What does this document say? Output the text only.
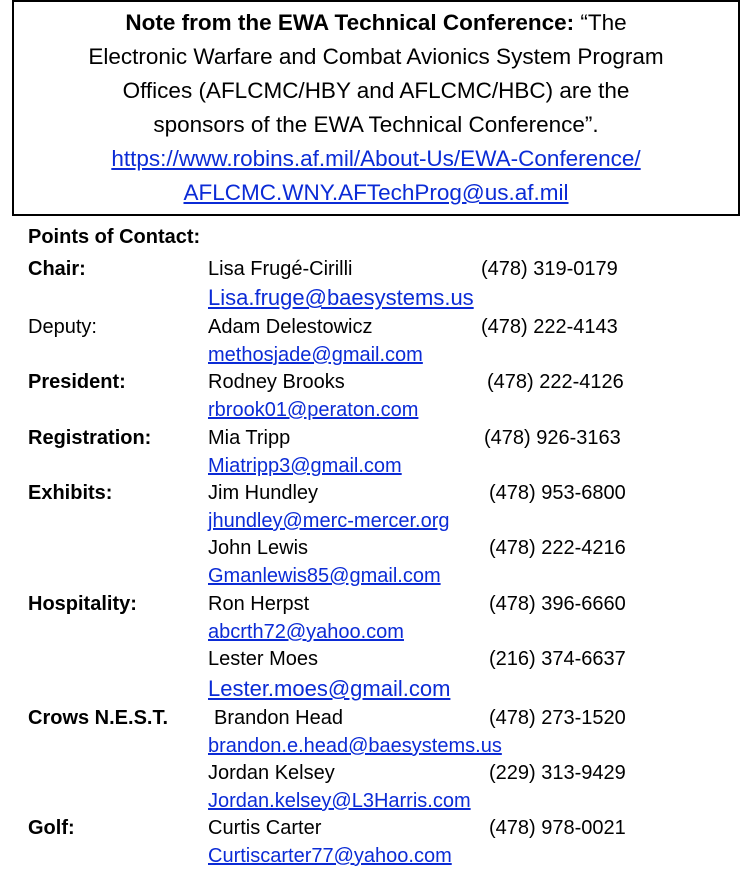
Note from the EWA Technical Conference: “The
Electronic Warfare and Combat Avionics System Program
Offices (AFLCMC/HBY and AFLCMC/HBC) are the
sponsors of the EWA Technical Conference”.
https://www.robins.af.mil/About-Us/EWA-Conference/
AFLCMC.WNY.AFTechProg@us.af.mil
Points of Contact:
Chair:	Lisa Frugé-Cirilli	(478) 319-0179
Lisa.fruge@baesystems.us
Deputy:	Adam Delestowicz	(478) 222-4143
methosjade@gmail.com
President:	Rodney Brooks	(478) 222-4126
rbrook01@peraton.com
Registration:	Mia Tripp	(478) 926-3163
Miatripp3@gmail.com
Exhibits:	Jim Hundley	(478) 953-6800
jhundley@merc-mercer.org
John Lewis	(478) 222-4216
Gmanlewis85@gmail.com
Hospitality:	Ron Herpst	(478) 396-6660
abcrth72@yahoo.com
Lester Moes	(216) 374-6637
Lester.moes@gmail.com
Crows N.E.S.T. Brandon Head	(478) 273-1520
brandon.e.head@baesystems.us
Jordan Kelsey	(229) 313-9429
Jordan.kelsey@L3Harris.com
Golf:	Curtis Carter	(478) 978-0021
Curtiscarter77@yahoo.com
